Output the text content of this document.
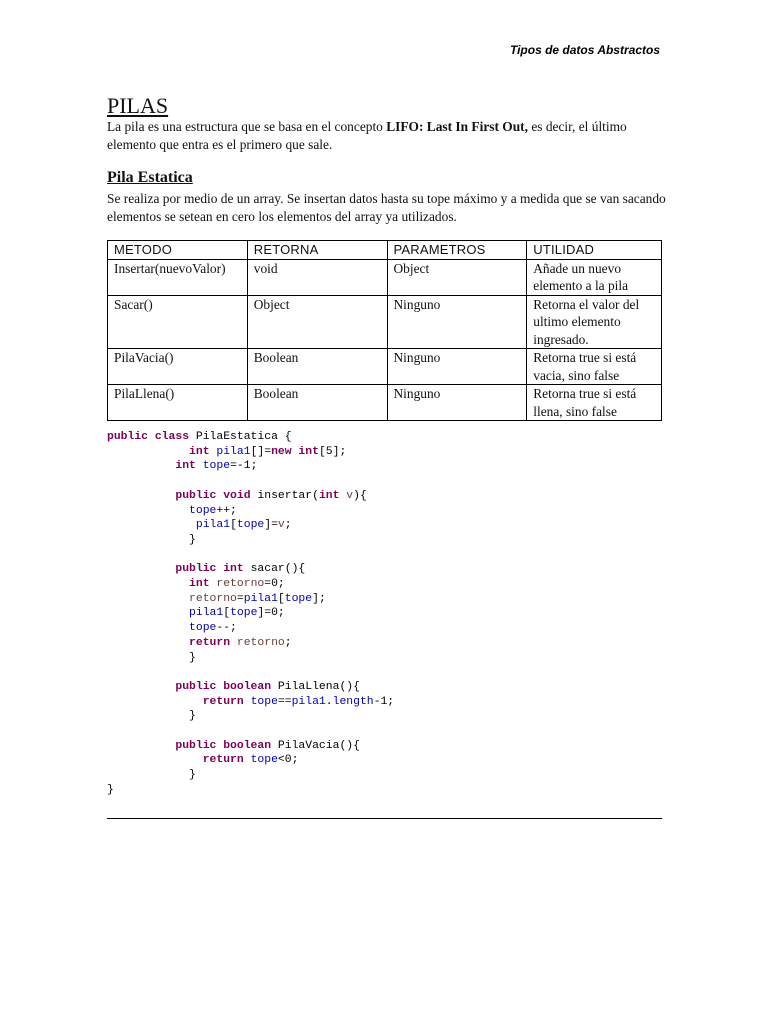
Tipos de datos Abstractos
PILAS

La pila es una estructura que se basa en el concepto LIFO: Last In First Out, es decir, el último elemento que entra es el primero que sale.

Pila Estatica

Se realiza por medio de un array. Se insertan datos hasta su tope máximo y a medida que se van sacando elementos se setean en cero los elementos del array ya utilizados.

METODO	RETORNA	PARAMETROS	UTILIDAD
Insertar(nuevoValor)	void	Object	Añade un nuevo elemento a la pila
Sacar()	Object	Ninguno	Retorna el valor del ultimo elemento ingresado.
PilaVacia()	Boolean	Ninguno	Retorna true si está vacia, sino false
PilaLlena()	Boolean	Ninguno	Retorna true si está llena, sino false
public class PilaEstatica {
int pila1[]=new int[5];
int tope=-1;

public void insertar(int v){
tope++;
pila1[tope]=v;
}

public int sacar(){
int retorno=0;
retorno=pila1[tope];
pila1[tope]=0;
tope--;
return retorno;
}

public boolean PilaLlena(){
return tope==pila1.length-1;
}

public boolean PilaVacia(){
return tope<0;
}
}
